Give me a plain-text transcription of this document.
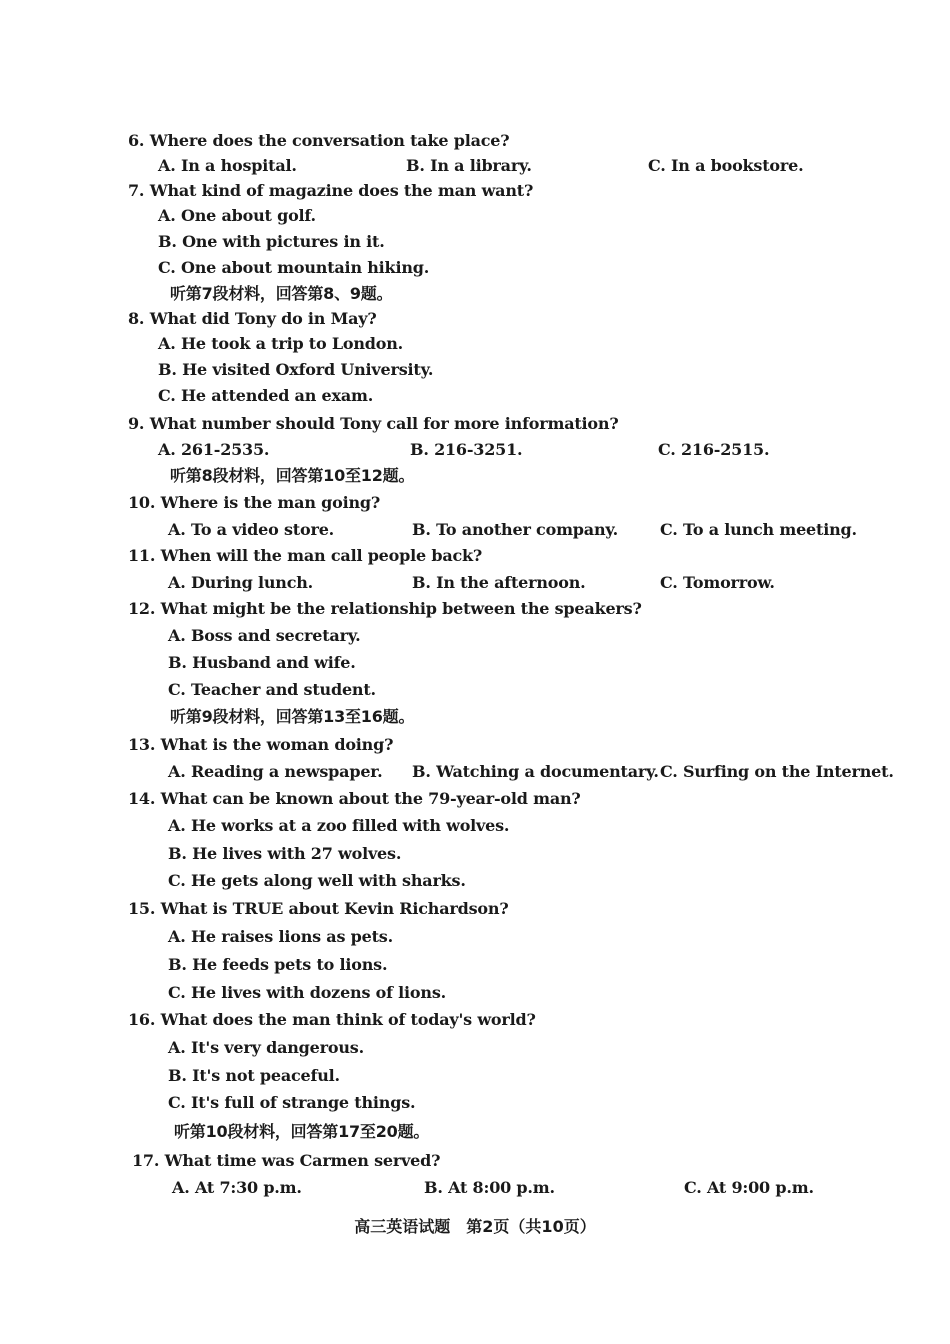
6. Where does the conversation take place?
A. In a hospital.	B. In a library.	C. In a bookstore.
7. What kind of magazine does the man want?
A. One about golf.
B. One with pictures in it.
C. One about mountain hiking.
听第7段材料，回答第8、9题。
8. What did Tony do in May?
A. He took a trip to London.
B. He visited Oxford University.
C. He attended an exam.
9. What number should Tony call for more information?
A. 261-2535.	B. 216-3251.	C. 216-2515.
听第8段材料，回答第10至12题。
10. Where is the man going?
A. To a video store.	B. To another company.	C. To a lunch meeting.
11. When will the man call people back?
A. During lunch.	B. In the afternoon.	C. Tomorrow.
12. What might be the relationship between the speakers?
A. Boss and secretary.
B. Husband and wife.
C. Teacher and student.
听第9段材料，回答第13至16题。
13. What is the woman doing?
A. Reading a newspaper. B. Watching a documentary. C. Surfing on the Internet.
14. What can be known about the 79-year-old man?
A. He works at a zoo filled with wolves.
B. He lives with 27 wolves.
C. He gets along well with sharks.
15. What is TRUE about Kevin Richardson?
A. He raises lions as pets.
B. He feeds pets to lions.
C. He lives with dozens of lions.
16. What does the man think of today's world?
A. It's very dangerous.
B. It's not peaceful.
C. It's full of strange things.
听第10段材料，回答第17至20题。
17. What time was Carmen served?
A. At 7:30 p.m.	B. At 8:00 p.m.	C. At 9:00 p.m.
高三英语试题　第2页（共10页）
